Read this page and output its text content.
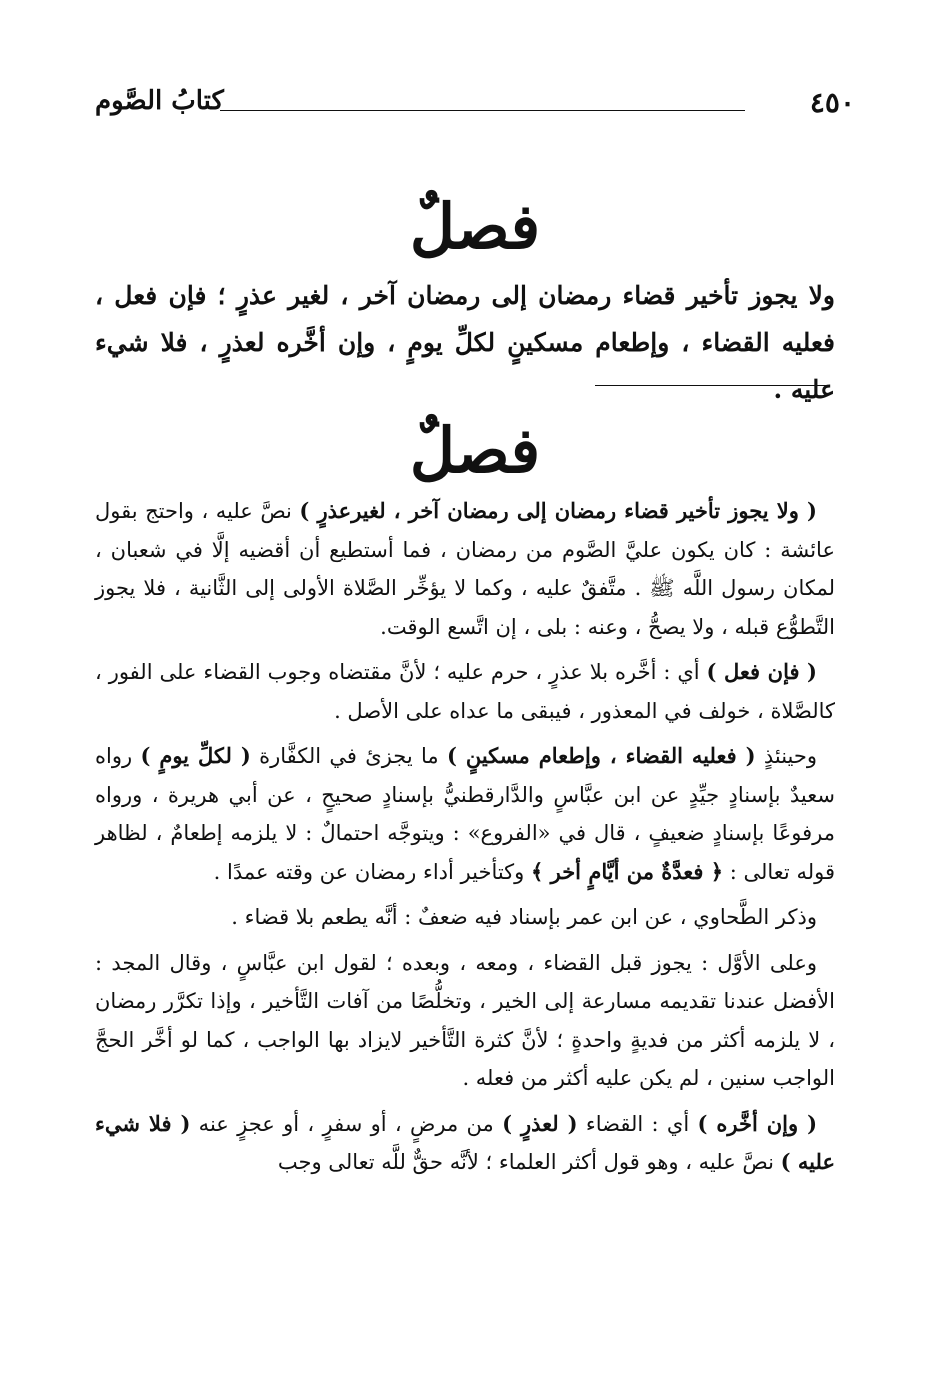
٤٥٠
كتابُ الصَّوم
فصلٌ
ولا يجوز تأخير قضاء رمضان إلى رمضان آخر ، لغير عذرٍ ؛ فإن فعل ، فعليه القضاء ، وإطعام مسكينٍ لكلِّ يومٍ ، وإن أخَّره لعذرٍ ، فلا شيء عليه .
فصلٌ

( ولا يجوز تأخير قضاء رمضان إلى رمضان آخر ، لغيرعذرٍ ) نصَّ عليه ، واحتج بقول عائشة : كان يكون عليَّ الصَّوم من رمضان ، فما أستطيع أن أقضيه إلَّا في شعبان ، لمكان رسول اللَّه ﷺ . متَّفقٌ عليه ، وكما لا يؤخِّر الصَّلاة الأولى إلى الثَّانية ، فلا يجوز التَّطوُّع قبله ، ولا يصحُّ ، وعنه : بلى ، إن اتَّسع الوقت.

( فإن فعل ) أي : أخَّره بلا عذرٍ ، حرم عليه ؛ لأنَّ مقتضاه وجوب القضاء على الفور ، كالصَّلاة ، خولف في المعذور ، فيبقى ما عداه على الأصل .

وحينئذٍ ( فعليه القضاء ، وإطعام مسكينٍ ) ما يجزئ في الكفَّارة ( لكلِّ يومٍ ) رواه سعيدٌ بإسنادٍ جيِّدٍ عن ابن عبَّاسٍ والدَّارقطنيُّ بإسنادٍ صحيحٍ ، عن أبي هريرة ، ورواه مرفوعًا بإسنادٍ ضعيفٍ ، قال في «الفروع» : ويتوجَّه احتمالٌ : لا يلزمه إطعامٌ ، لظاهر قوله تعالى : ﴿ فعدَّةٌ من أيَّامٍ أخر ﴾ وكتأخير أداء رمضان عن وقته عمدًا .

وذكر الطَّحاوي ، عن ابن عمر بإسناد فيه ضعفٌ : أنَّه يطعم بلا قضاء .

وعلى الأوَّل : يجوز قبل القضاء ، ومعه ، وبعده ؛ لقول ابن عبَّاسٍ ، وقال المجد : الأفضل عندنا تقديمه مسارعة إلى الخير ، وتخلُّصًا من آفات التَّأخير ، وإذا تكرَّر رمضان ، لا يلزمه أكثر من فديةٍ واحدةٍ ؛ لأنَّ كثرة التَّأخير لايزاد بها الواجب ، كما لو أخَّر الحجَّ الواجب سنين ، لم يكن عليه أكثر من فعله .

( وإن أخَّره ) أي : القضاء ( لعذرٍ ) من مرضٍ ، أو سفرٍ ، أو عجزٍ عنه ( فلا شيء عليه ) نصَّ عليه ، وهو قول أكثر العلماء ؛ لأنَّه حقٌّ للَّه تعالى وجب
